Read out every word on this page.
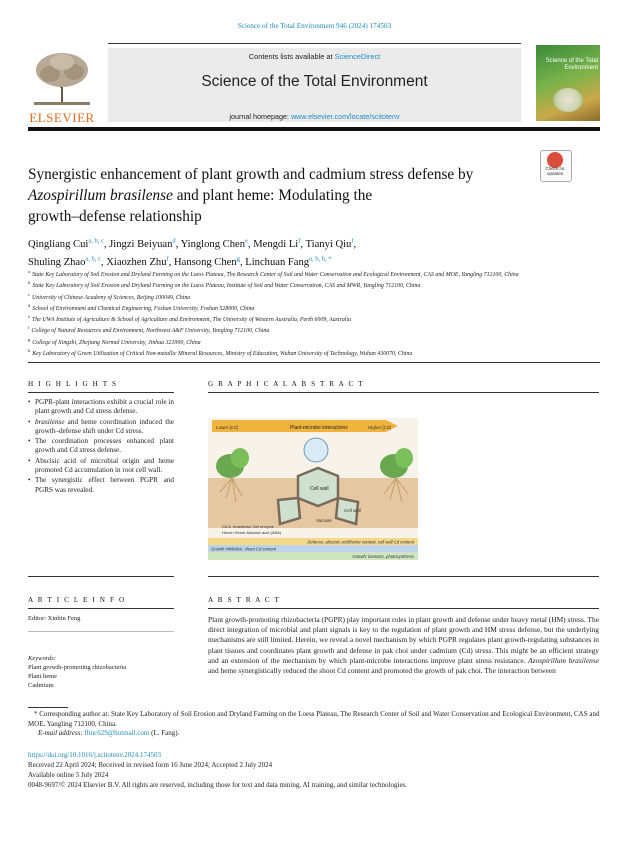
Science of the Total Environment 946 (2024) 174503
Contents lists available at ScienceDirect
Science of the Total Environment
journal homepage: www.elsevier.com/locate/scitotenv
ELSEVIER
Science of the Total Environment
Check for updates
Synergistic enhancement of plant growth and cadmium stress defense by
Azospirillum brasilense and plant heme: Modulating the
growth–defense relationship
Qingliang Cui$^{a, b, c}$, Jingzi Beiyuan$^d$, Yinglong Chen$^e$, Mengdi Li$^f$, Tianyi Qiu$^f$,
Shuling Zhao$^{a, b, c}$, Xiaozhen Zhu$^f$, Hansong Chen$^g$, Linchuan Fang$^{a, b, h, *}$
$^a$State Key Laboratory of Soil Erosion and Dryland Farming on the Loess Plateau, The Research Center of Soil and Water Conservation and Ecological Environment, CAS and MOE, Yangling 712100, China
$^b$State Key Laboratory of Soil Erosion and Dryland Farming on the Loess Plateau, Institute of Soil and Water Conservation, CAS and MWR, Yangling 712100, China
$^c$University of Chinese Academy of Sciences, Beijing 100049, China
$^d$School of Environment and Chemical Engineering, Foshan University, Foshan 528000, China
$^e$The UWA Institute of Agriculture & School of Agriculture and Environment, The University of Western Australia, Perth 6009, Australia
$^f$College of Natural Resources and Environment, Northwest A&F University, Yangling 712100, China
$^g$College of Xingzhi, Zhejiang Normal University, Jinhua 321000, China
$^h$Key Laboratory of Green Utilization of Critical Non-metallic Mineral Resources, Ministry of Education, Wuhan University of Technology, Wuhan 430070, China
H I G H L I G H T S
• PGPR-plant interactions exhibit a crucial role in plant growth and Cd stress defense.
• brasilense and heme coordination induced the growth–defense shift under Cd stress.
• The coordination processes enhanced plant growth and Cd stress defense.
• Abscisic acid of microbial origin and heme promoted Cd accumulation in root cell wall.
• The synergistic effect between PGPR and PGRS was revealed.
G R A P H I C A L A B S T R A C T
Plant-microbe interactions
Lower [Cd]	Higher [Cd]
Cell wall
Vacuole
Cell wall
Cd A. brasilense Soil enzyme
Hemin Heme Abscisic acid (ABA)
Defense: abscisic acid/heme content, cell wall Cd content
Growth inhibition, shoot Cd content
Growth: biomass, photosynthesis
A R T I C L E I N F O
Editor: Xinbin Feng
Keywords:
Plant growth-promoting rhizobacteria
Plant heme
Cadmium
A B S T R A C T
Plant growth-promoting rhizobacteria (PGPR) play important roles in plant growth and defense under heavy metal (HM) stress. The direct integration of microbial and plant signals is key to the regulation of plant growth and HM stress defense, but the underlying mechanisms are still limited. Herein, we reveal a novel mechanism by which PGPR regulates plant growth-regulating substances in plant tissues and coordinates plant growth and defense in pak choi under cadmium (Cd) stress. This might be an efficient strategy and an extension of the mechanism by which plant-microbe interactions improve plant stress resistance. Azospirillum brasilense and heme synergistically reduced the shoot Cd content and promoted the growth of pak choi. The interaction between
* Corresponding author at: State Key Laboratory of Soil Erosion and Dryland Farming on the Loess Plateau, The Research Center of Soil and Water Conservation and Ecological Environment, CAS and MOE, Yangling 712100, China.
E-mail address: flinc629@hotmail.com (L. Fang).
https://doi.org/10.1016/j.scitotenv.2024.174503
Received 22 April 2024; Received in revised form 16 June 2024; Accepted 2 July 2024
Available online 5 July 2024
0048-9697/© 2024 Elsevier B.V. All rights are reserved, including those for text and data mining, AI training, and similar technologies.
